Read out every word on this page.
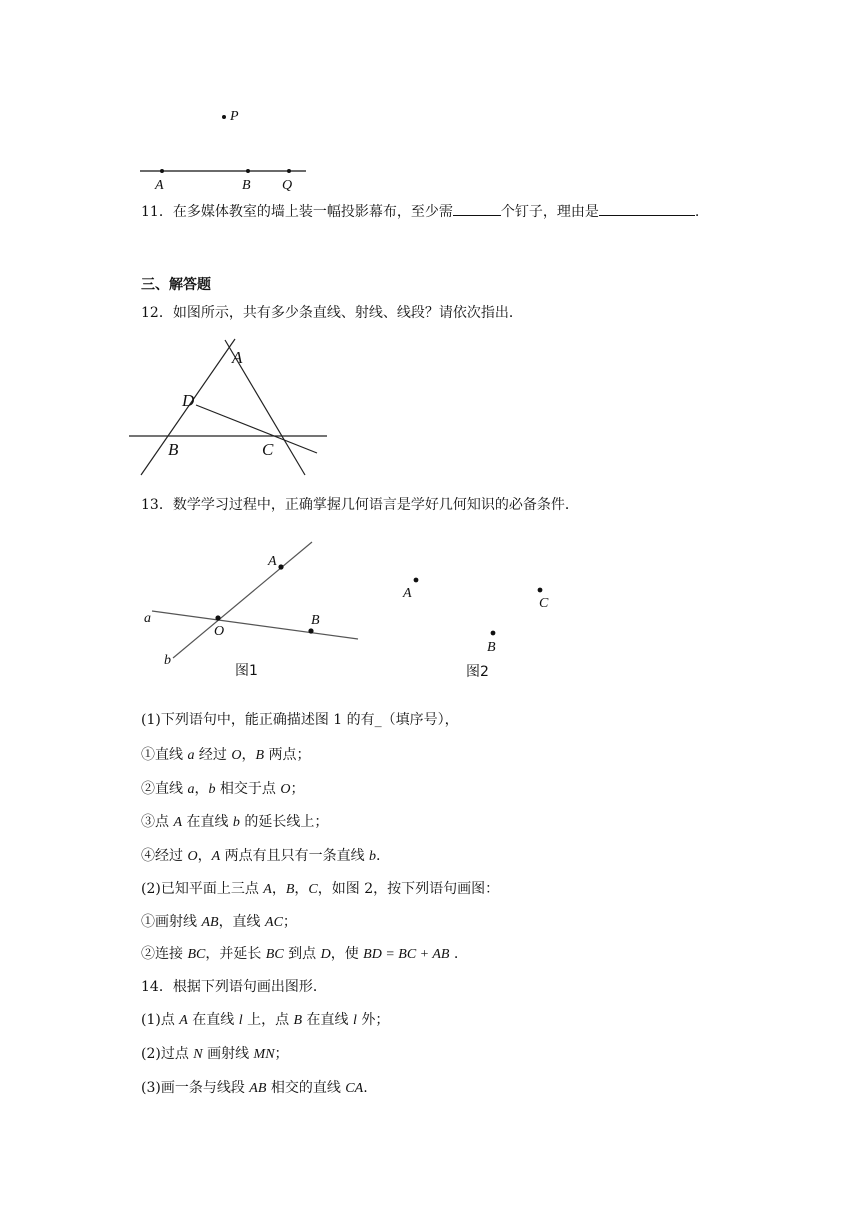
P
A	B Q
11．在多媒体教室的墙上装一幅投影幕布，至少需	个钉子，理由是	.
三、解答题
12．如图所示，共有多少条直线、射线、线段？请依次指出．
A
D
B	C
13．数学学习过程中，正确掌握几何语言是学好几何知识的必备条件．
a
b
O
A
B
图1
A
C
B
图2
(1)下列语句中，能正确描述图 1 的有_（填序号），
①直线 a 经过 O，B 两点；
②直线 a，b 相交于点 O；
③点 A 在直线 b 的延长线上；
④经过 O，A 两点有且只有一条直线 b.
(2)已知平面上三点 A，B，C，如图 2，按下列语句画图：
①画射线 AB，直线 AC；
②连接 BC，并延长 BC 到点 D，使 BD = BC + AB .
14．根据下列语句画出图形．
(1)点 A 在直线 l 上，点 B 在直线 l 外；
(2)过点 N 画射线 MN；
(3)画一条与线段 AB 相交的直线 CA.
